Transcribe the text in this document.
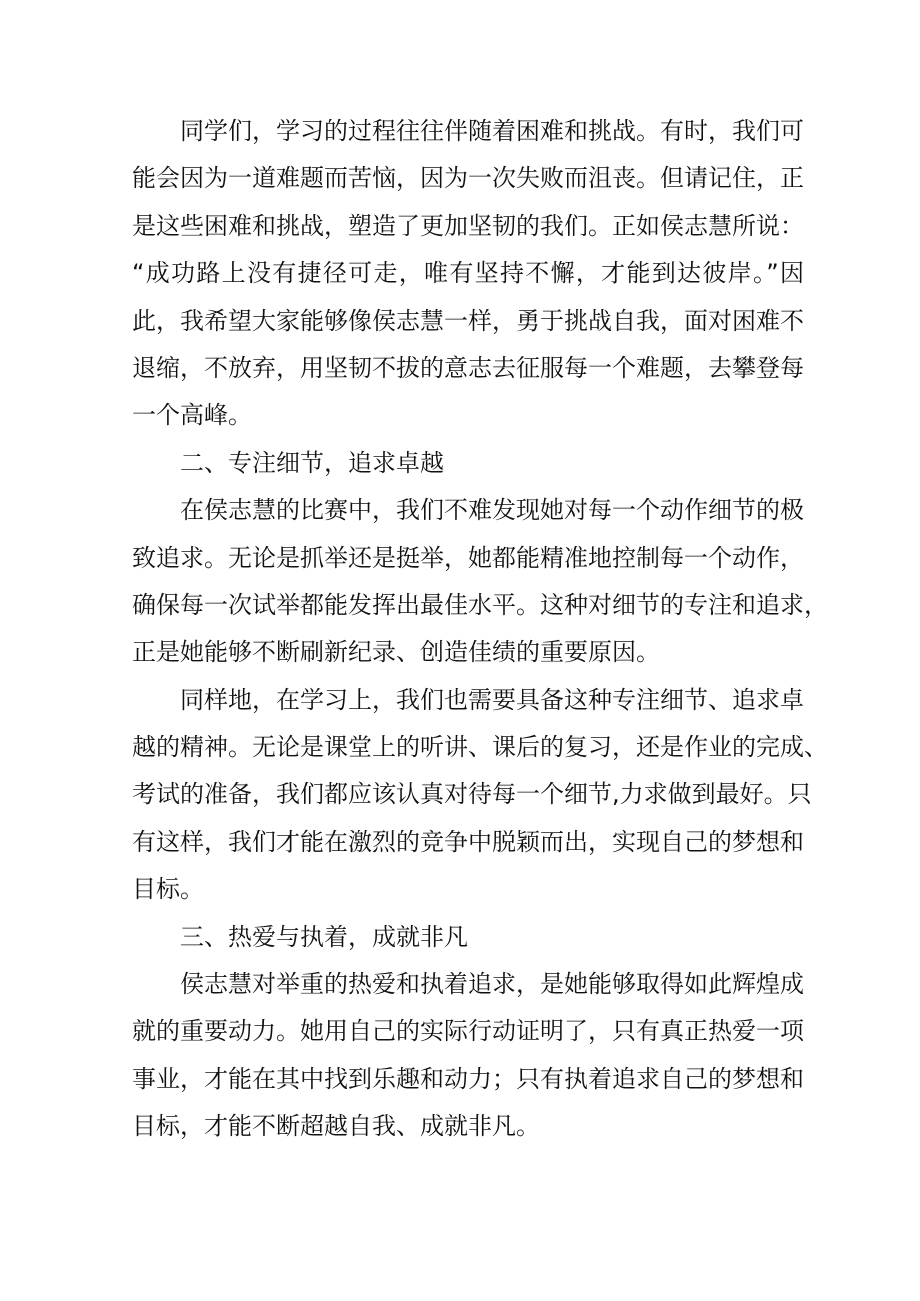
同学们，学习的过程往往伴随着困难和挑战。有时，我们可
能会因为一道难题而苦恼，因为一次失败而沮丧。但请记住，正
是这些困难和挑战，塑造了更加坚韧的我们。正如侯志慧所说：
“成功路上没有捷径可走，唯有坚持不懈，才能到达彼岸。”因
此，我希望大家能够像侯志慧一样，勇于挑战自我，面对困难不
退缩，不放弃，用坚韧不拔的意志去征服每一个难题，去攀登每
一个高峰。
二、专注细节，追求卓越
在侯志慧的比赛中，我们不难发现她对每一个动作细节的极
致追求。无论是抓举还是挺举，她都能精准地控制每一个动作，
确保每一次试举都能发挥出最佳水平。这种对细节的专注和追求，
正是她能够不断刷新纪录、创造佳绩的重要原因。
同样地，在学习上，我们也需要具备这种专注细节、追求卓
越的精神。无论是课堂上的听讲、课后的复习，还是作业的完成、
考试的准备，我们都应该认真对待每一个细节,力求做到最好。只
有这样，我们才能在激烈的竞争中脱颖而出，实现自己的梦想和
目标。
三、热爱与执着，成就非凡
侯志慧对举重的热爱和执着追求，是她能够取得如此辉煌成
就的重要动力。她用自己的实际行动证明了，只有真正热爱一项
事业，才能在其中找到乐趣和动力；只有执着追求自己的梦想和
目标，才能不断超越自我、成就非凡。
